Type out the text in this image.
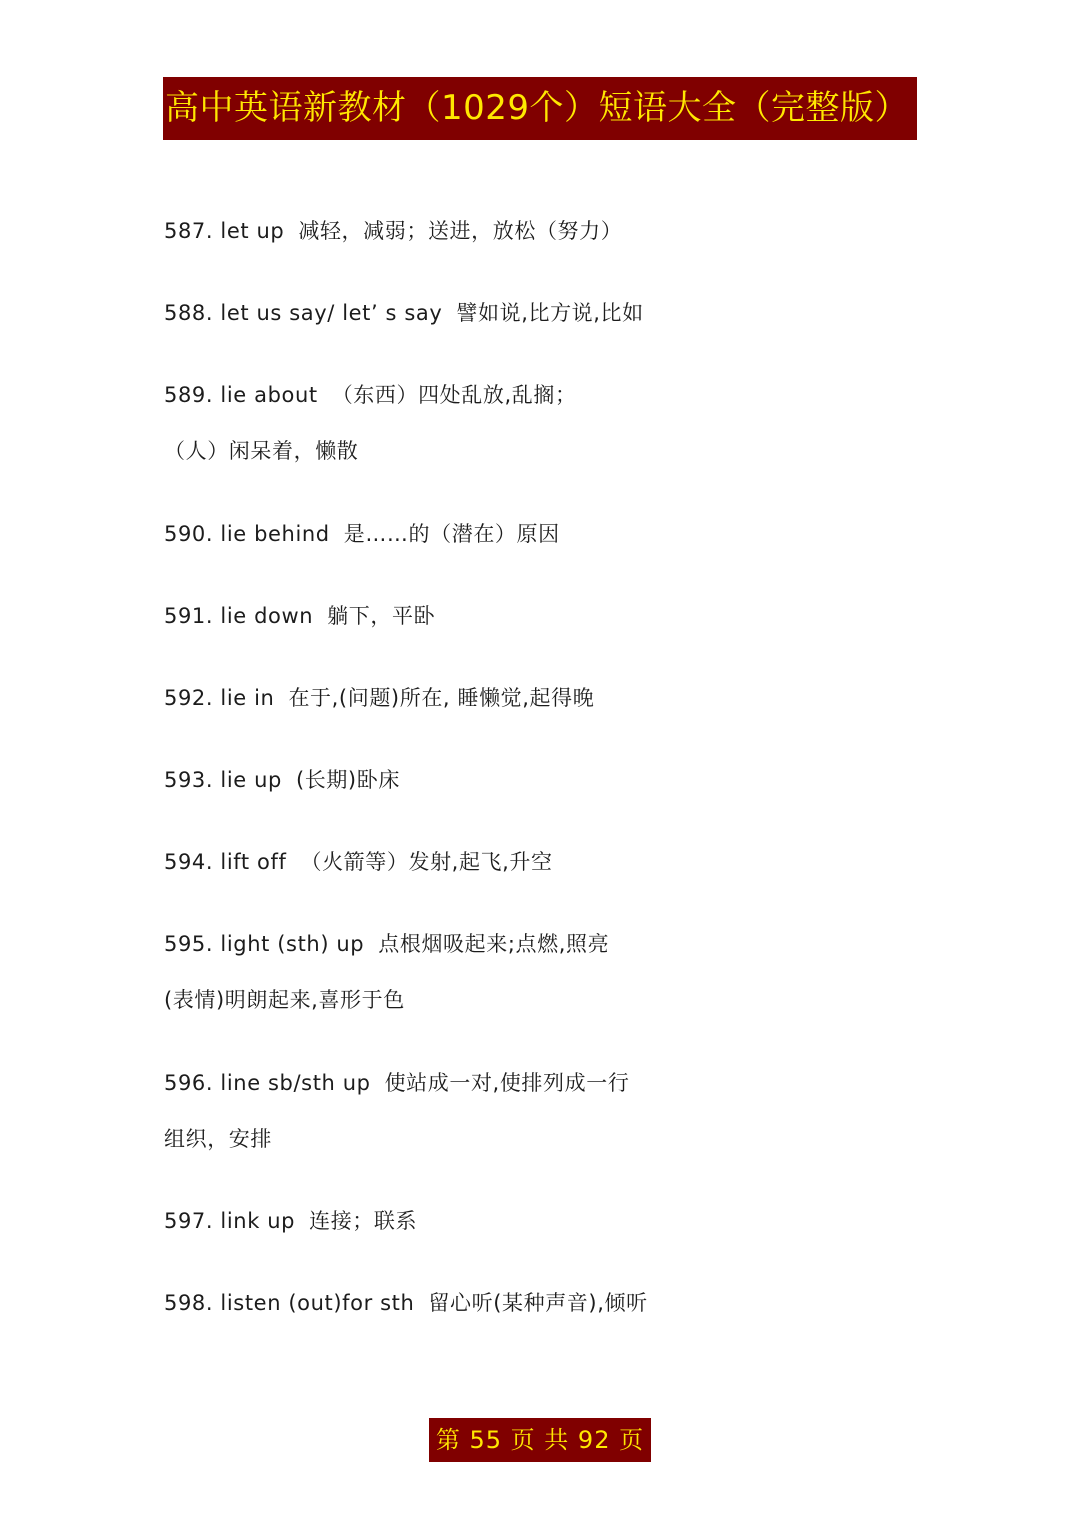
高中英语新教材（1029个）短语大全（完整版）
587. let up 减轻，减弱；送进，放松（努力）
588. let us say/ let’ s say 譬如说,比方说,比如
589. lie about （东西）四处乱放,乱搁；
（人）闲呆着，懒散
590. lie behind 是……的（潜在）原因
591. lie down 躺下，平卧
592. lie in 在于,(问题)所在, 睡懒觉,起得晚
593. lie up (长期)卧床
594. lift off （火箭等）发射,起飞,升空
595. light (sth) up 点根烟吸起来;点燃,照亮
(表情)明朗起来,喜形于色
596. line sb/sth up 使站成一对,使排列成一行
组织，安排
597. link up 连接；联系
598. listen (out)for sth 留心听(某种声音),倾听
第 55 页 共 92 页
